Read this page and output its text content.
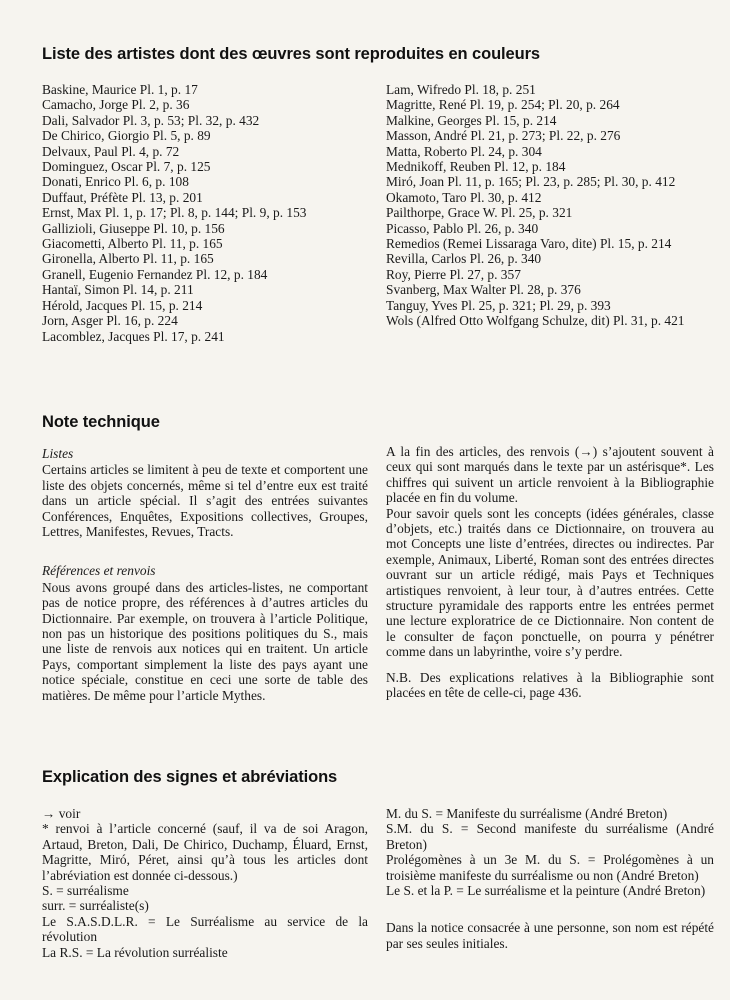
Liste des artistes dont des œuvres sont reproduites en couleurs
Baskine, Maurice Pl. 1, p. 17
Camacho, Jorge Pl. 2, p. 36
Dali, Salvador Pl. 3, p. 53; Pl. 32, p. 432
De Chirico, Giorgio Pl. 5, p. 89
Delvaux, Paul Pl. 4, p. 72
Dominguez, Oscar Pl. 7, p. 125
Donati, Enrico Pl. 6, p. 108
Duffaut, Préfète Pl. 13, p. 201
Ernst, Max Pl. 1, p. 17; Pl. 8, p. 144; Pl. 9, p. 153
Gallizioli, Giuseppe Pl. 10, p. 156
Giacometti, Alberto Pl. 11, p. 165
Gironella, Alberto Pl. 11, p. 165
Granell, Eugenio Fernandez Pl. 12, p. 184
Hantaï, Simon Pl. 14, p. 211
Hérold, Jacques Pl. 15, p. 214
Jorn, Asger Pl. 16, p. 224
Lacomblez, Jacques Pl. 17, p. 241
Lam, Wifredo Pl. 18, p. 251
Magritte, René Pl. 19, p. 254; Pl. 20, p. 264
Malkine, Georges Pl. 15, p. 214
Masson, André Pl. 21, p. 273; Pl. 22, p. 276
Matta, Roberto Pl. 24, p. 304
Mednikoff, Reuben Pl. 12, p. 184
Miró, Joan Pl. 11, p. 165; Pl. 23, p. 285; Pl. 30, p. 412
Okamoto, Taro Pl. 30, p. 412
Pailthorpe, Grace W. Pl. 25, p. 321
Picasso, Pablo Pl. 26, p. 340
Remedios (Remei Lissaraga Varo, dite) Pl. 15, p. 214
Revilla, Carlos Pl. 26, p. 340
Roy, Pierre Pl. 27, p. 357
Svanberg, Max Walter Pl. 28, p. 376
Tanguy, Yves Pl. 25, p. 321; Pl. 29, p. 393
Wols (Alfred Otto Wolfgang Schulze, dit) Pl. 31, p. 421
Note technique
Listes

Certains articles se limitent à peu de texte et comportent une liste des objets concernés, même si tel d’entre eux est traité dans un article spécial. Il s’agit des entrées suivantes Conférences, Enquêtes, Expositions collectives, Groupes, Lettres, Manifestes, Revues, Tracts.

Références et renvois

Nous avons groupé dans des articles-listes, ne comportant pas de notice propre, des références à d’autres articles du Dictionnaire. Par exemple, on trouvera à l’article Politique, non pas un historique des positions politiques du S., mais une liste de renvois aux notices qui en traitent. Un article Pays, comportant simplement la liste des pays ayant une notice spéciale, constitue en ceci une sorte de table des matières. De même pour l’article Mythes.

A la fin des articles, des renvois (→) s’ajoutent souvent à ceux qui sont marqués dans le texte par un astérisque*. Les chiffres qui suivent un article renvoient à la Bibliographie placée en fin du volume.

Pour savoir quels sont les concepts (idées générales, classe d’objets, etc.) traités dans ce Dictionnaire, on trouvera au mot Concepts une liste d’entrées, directes ou indirectes. Par exemple, Animaux, Liberté, Roman sont des entrées directes ouvrant sur un article rédigé, mais Pays et Techniques artistiques renvoient, à leur tour, à d’autres entrées. Cette structure pyramidale des rapports entre les entrées permet une lecture exploratrice de ce Dictionnaire. Non content de le consulter de façon ponctuelle, on pourra y pénétrer comme dans un labyrinthe, voire s’y perdre.

N.B. Des explications relatives à la Bibliographie sont placées en tête de celle-ci, page 436.

Explication des signes et abréviations
→ voir
* renvoi à l’article concerné (sauf, il va de soi Aragon, Artaud, Breton, Dali, De Chirico, Duchamp, Éluard, Ernst, Magritte, Miró, Péret, ainsi qu’à tous les articles dont l’abréviation est donnée ci-dessous.)
S. = surréalisme
surr. = surréaliste(s)
Le S.A.S.D.L.R. = Le Surréalisme au service de la révolution
La R.S. = La révolution surréaliste
M. du S. = Manifeste du surréalisme (André Breton)
S.M. du S. = Second manifeste du surréalisme (André Breton)
Prolégomènes à un 3e M. du S. = Prolégomènes à un troisième manifeste du surréalisme ou non (André Breton)
Le S. et la P. = Le surréalisme et la peinture (André Breton)

Dans la notice consacrée à une personne, son nom est répété par ses seules initiales.
